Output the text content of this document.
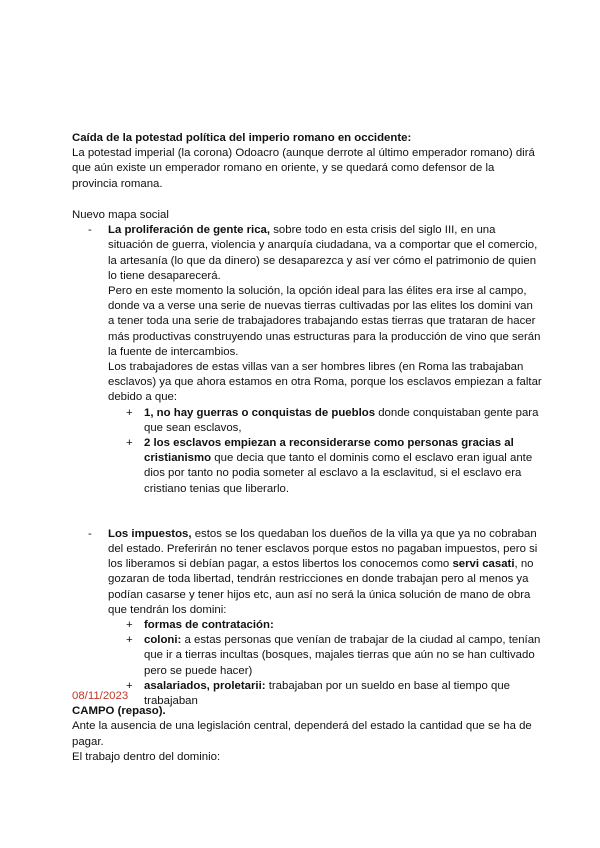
Caída de la potestad política del imperio romano en occidente:

La potestad imperial (la corona) Odoacro (aunque derrote al último emperador romano) dirá que aún existe un emperador romano en oriente, y se quedará como defensor de la provincia romana.

Nuevo mapa social

- La proliferación de gente rica, sobre todo en esta crisis del siglo III, en una situación de guerra, violencia y anarquía ciudadana, va a comportar que el comercio, la artesanía (lo que da dinero) se desaparezca y así ver cómo el patrimonio de quien lo tiene desaparecerá.

Pero en este momento la solución, la opción ideal para las élites era irse al campo, donde va a verse una serie de nuevas tierras cultivadas por las elites los domini van a tener toda una serie de trabajadores trabajando estas tierras que trataran de hacer más productivas construyendo unas estructuras para la producción de vino que serán la fuente de intercambios.

Los trabajadores de estas villas van a ser hombres libres (en Roma las trabajaban esclavos) ya que ahora estamos en otra Roma, porque los esclavos empiezan a faltar debido a que:

+ 1, no hay guerras o conquistas de pueblos donde conquistaban gente para que sean esclavos,

+ 2 los esclavos empiezan a reconsiderarse como personas gracias al cristianismo que decia que tanto el dominis como el esclavo eran igual ante dios por tanto no podia someter al esclavo a la esclavitud, si el esclavo era cristiano tenias que liberarlo.

- Los impuestos, estos se los quedaban los dueños de la villa ya que ya no cobraban del estado. Preferirán no tener esclavos porque estos no pagaban impuestos, pero si los liberamos si debían pagar, a estos libertos los conocemos como servi casati, no gozaran de toda libertad, tendrán restricciones en donde trabajan pero al menos ya podían casarse y tener hijos etc, aun así no será la única solución de mano de obra que tendrán los domini:

+ formas de contratación:

+ coloni: a estas personas que venían de trabajar de la ciudad al campo, tenían que ir a tierras incultas (bosques, majales tierras que aún no se han cultivado pero se puede hacer)

+ asalariados, proletarii: trabajaban por un sueldo en base al tiempo que trabajaban

08/11/2023

CAMPO (repaso).

Ante la ausencia de una legislación central, dependerá del estado la cantidad que se ha de pagar.

El trabajo dentro del dominio:
